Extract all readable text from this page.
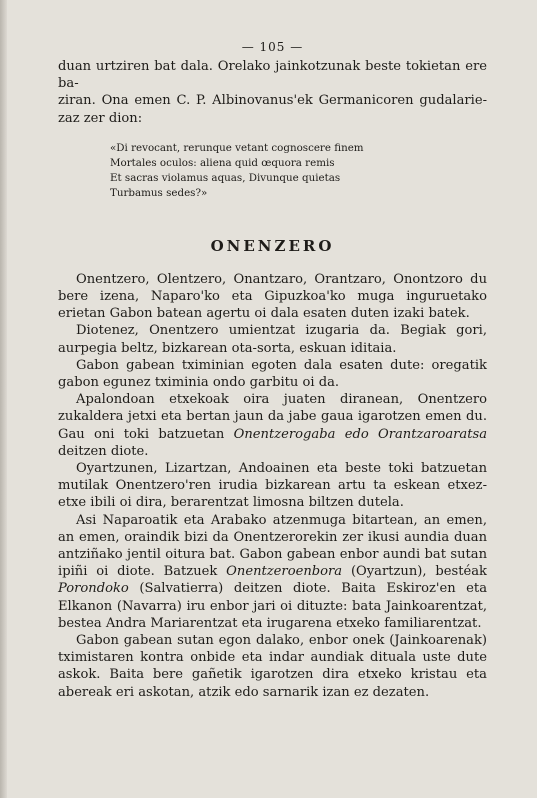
— 105 —
duan urtziren bat dala. Orelako jainkotzunak beste tokietan ere ba-
ziran. Ona emen C. P. Albinovanus'ek Germanicoren gudalarie-
zaz zer dion:
«Di revocant, rerunque vetant cognoscere finem
Mortales oculos: aliena quid œquora remis
Et sacras violamus aquas, Divunque quietas
Turbamus sedes?»
ONENZERO

Onentzero, Olentzero, Onantzaro, Orantzaro, Onontzoro du bere izena, Naparo'ko eta Gipuzkoa'ko muga inguruetako erietan Gabon batean agertu oi dala esaten duten izaki batek.

Diotenez, Onentzero umientzat izugaria da. Begiak gori, aurpegia beltz, bizkarean ota-sorta, eskuan iditaia.

Gabon gabean tximinian egoten dala esaten dute: oregatik gabon egunez tximinia ondo garbitu oi da.

Apalondoan etxekoak oira juaten diranean, Onentzero zukaldera jetxi eta bertan jaun da jabe gaua igarotzen emen du. Gau oni toki batzuetan Onentzerogaba edo Orantzaroaratsa deitzen diote.

Oyartzunen, Lizartzan, Andoainen eta beste toki batzuetan mutilak Onentzero'ren irudia bizkarean artu ta eskean etxez-etxe ibili oi dira, berarentzat limosna biltzen dutela.

Asi Naparoatik eta Arabako atzenmuga bitartean, an emen, an emen, oraindik bizi da Onentzerorekin zer ikusi aundia duan antziñako jentil oitura bat. Gabon gabean enbor aundi bat sutan ipiñi oi diote. Batzuek Onentzeroenbora (Oyartzun), bestéak Porondoko (Salvatierra) deitzen diote. Baita Eskiroz'en eta Elkanon (Navarra) iru enbor jari oi dituzte: bata Jainkoarentzat, bestea Andra Mariarentzat eta irugarena etxeko familiarentzat.

Gabon gabean sutan egon dalako, enbor onek (Jainkoarenak) tximistaren kontra onbide eta indar aundiak dituala uste dute askok. Baita bere gañetik igarotzen dira etxeko kristau eta abereak eri askotan, atzik edo sarnarik izan ez dezaten.
